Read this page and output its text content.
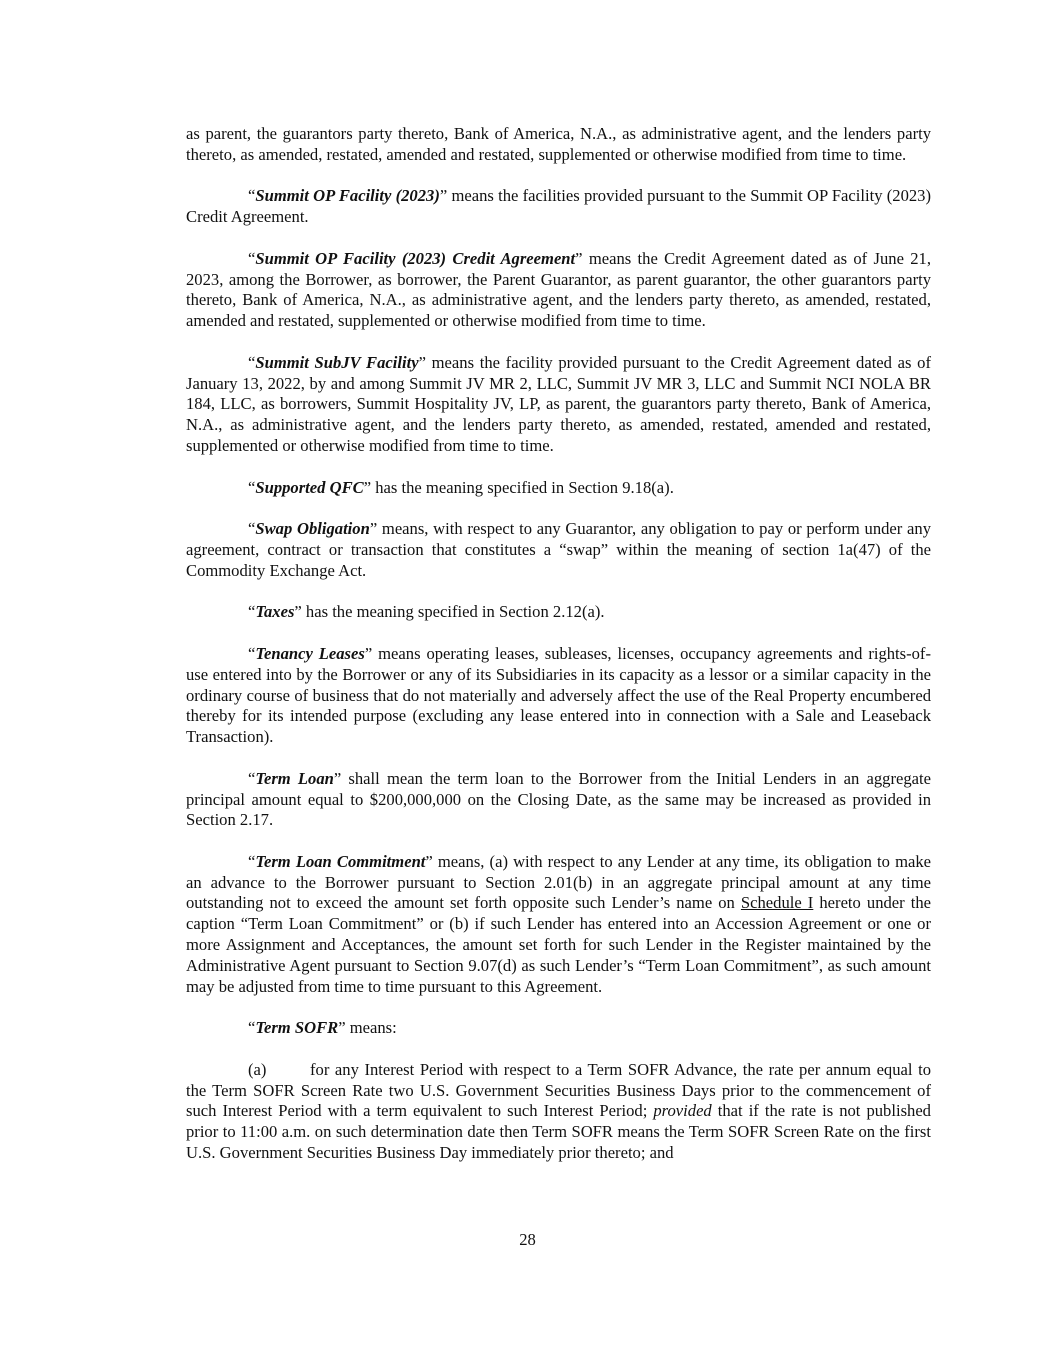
as parent, the guarantors party thereto, Bank of America, N.A., as administrative agent, and the lenders party thereto, as amended, restated, amended and restated, supplemented or otherwise modified from time to time.

“Summit OP Facility (2023)” means the facilities provided pursuant to the Summit OP Facility (2023) Credit Agreement.

“Summit OP Facility (2023) Credit Agreement” means the Credit Agreement dated as of June 21, 2023, among the Borrower, as borrower, the Parent Guarantor, as parent guarantor, the other guarantors party thereto, Bank of America, N.A., as administrative agent, and the lenders party thereto, as amended, restated, amended and restated, supplemented or otherwise modified from time to time.

“Summit SubJV Facility” means the facility provided pursuant to the Credit Agreement dated as of January 13, 2022, by and among Summit JV MR 2, LLC, Summit JV MR 3, LLC and Summit NCI NOLA BR 184, LLC, as borrowers, Summit Hospitality JV, LP, as parent, the guarantors party thereto, Bank of America, N.A., as administrative agent, and the lenders party thereto, as amended, restated, amended and restated, supplemented or otherwise modified from time to time.

“Supported QFC” has the meaning specified in Section 9.18(a).

“Swap Obligation” means, with respect to any Guarantor, any obligation to pay or perform under any agreement, contract or transaction that constitutes a “swap” within the meaning of section 1a(47) of the Commodity Exchange Act.

“Taxes” has the meaning specified in Section 2.12(a).

“Tenancy Leases” means operating leases, subleases, licenses, occupancy agreements and rights-of-use entered into by the Borrower or any of its Subsidiaries in its capacity as a lessor or a similar capacity in the ordinary course of business that do not materially and adversely affect the use of the Real Property encumbered thereby for its intended purpose (excluding any lease entered into in connection with a Sale and Leaseback Transaction).

“Term Loan” shall mean the term loan to the Borrower from the Initial Lenders in an aggregate principal amount equal to $200,000,000 on the Closing Date, as the same may be increased as provided in Section 2.17.

“Term Loan Commitment” means, (a) with respect to any Lender at any time, its obligation to make an advance to the Borrower pursuant to Section 2.01(b) in an aggregate principal amount at any time outstanding not to exceed the amount set forth opposite such Lender’s name on Schedule I hereto under the caption “Term Loan Commitment” or (b) if such Lender has entered into an Accession Agreement or one or more Assignment and Acceptances, the amount set forth for such Lender in the Register maintained by the Administrative Agent pursuant to Section 9.07(d) as such Lender’s “Term Loan Commitment”, as such amount may be adjusted from time to time pursuant to this Agreement.

“Term SOFR” means:

(a)	for any Interest Period with respect to a Term SOFR Advance, the rate per annum equal to the Term SOFR Screen Rate two U.S. Government Securities Business Days prior to the commencement of such Interest Period with a term equivalent to such Interest Period; provided that if the rate is not published prior to 11:00 a.m. on such determination date then Term SOFR means the Term SOFR Screen Rate on the first U.S. Government Securities Business Day immediately prior thereto; and

28
